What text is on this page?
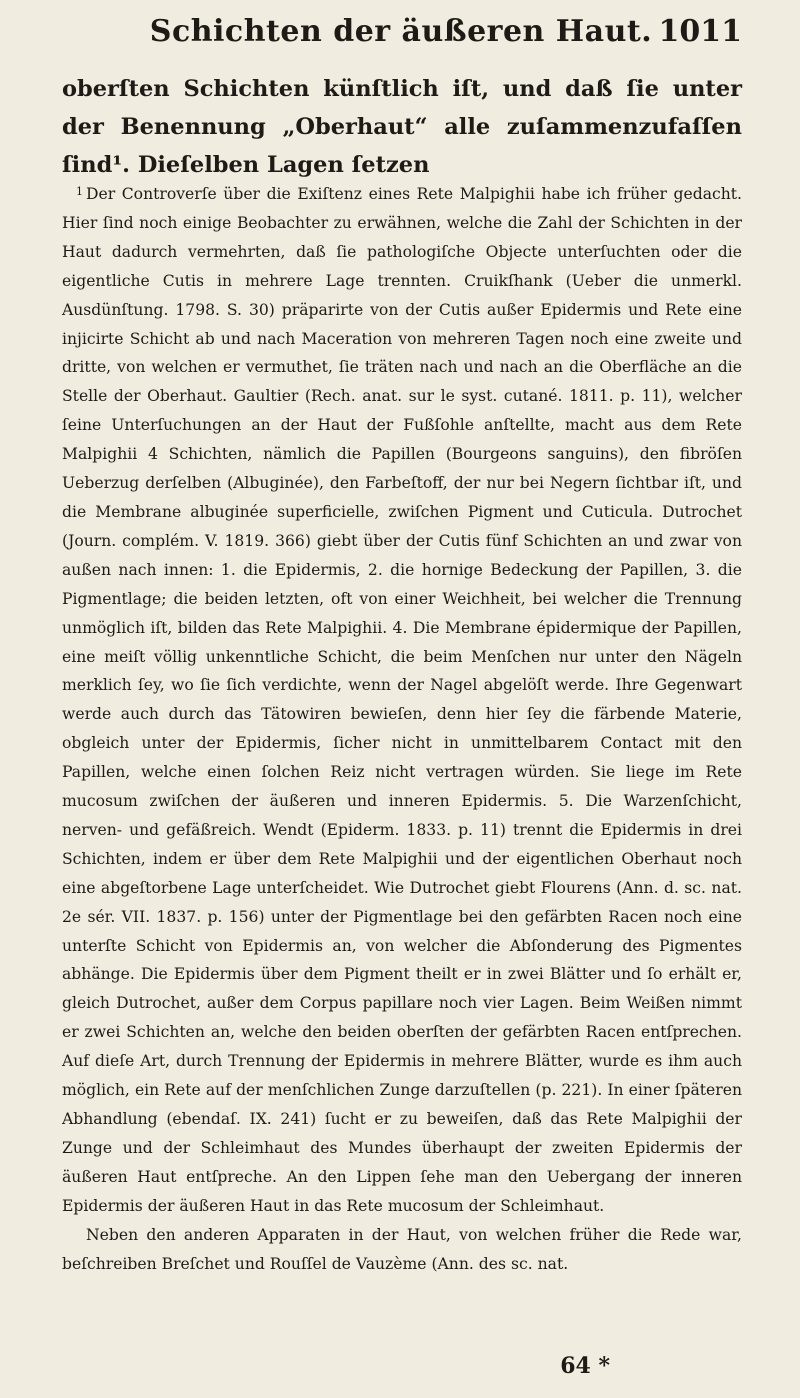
Schichten der äußeren Haut. 1011

oberſten Schichten künſtlich iſt, und daß ſie unter der Benennung „Oberhaut“ alle zuſammenzufaſſen ſind¹. Dieſelben Lagen ſetzen

$^1$ Der Controverſe über die Exiſtenz eines Rete Malpighii habe ich früher gedacht. Hier ſind noch einige Beobachter zu erwähnen, welche die Zahl der Schichten in der Haut dadurch vermehrten, daß ſie pathologiſche Objecte unterſuchten oder die eigentliche Cutis in mehrere Lage trennten. Cruikſhank (Ueber die unmerkl. Ausdünſtung. 1798. S. 30) präparirte von der Cutis außer Epidermis und Rete eine injicirte Schicht ab und nach Maceration von mehreren Tagen noch eine zweite und dritte, von welchen er vermuthet, ſie träten nach und nach an die Oberfläche an die Stelle der Oberhaut. Gaultier (Rech. anat. sur le syst. cutané. 1811. p. 11), welcher ſeine Unterſuchungen an der Haut der Fußſohle anſtellte, macht aus dem Rete Malpighii 4 Schichten, nämlich die Papillen (Bourgeons sanguins), den fibröſen Ueberzug derſelben (Albuginée), den Farbeſtoff, der nur bei Negern ſichtbar iſt, und die Membrane albuginée superficielle, zwiſchen Pigment und Cuticula. Dutrochet (Journ. complém. V. 1819. 366) giebt über der Cutis fünf Schichten an und zwar von außen nach innen: 1. die Epidermis, 2. die hornige Bedeckung der Papillen, 3. die Pigmentlage; die beiden letzten, oft von einer Weichheit, bei welcher die Trennung unmöglich iſt, bilden das Rete Malpighii. 4. Die Membrane épidermique der Papillen, eine meiſt völlig unkenntliche Schicht, die beim Menſchen nur unter den Nägeln merklich ſey, wo ſie ſich verdichte, wenn der Nagel abgelöſt werde. Ihre Gegenwart werde auch durch das Tätowiren bewieſen, denn hier ſey die färbende Materie, obgleich unter der Epidermis, ſicher nicht in unmittelbarem Contact mit den Papillen, welche einen ſolchen Reiz nicht vertragen würden. Sie liege im Rete mucosum zwiſchen der äußeren und inneren Epidermis. 5. Die Warzenſchicht, nerven- und gefäßreich. Wendt (Epiderm. 1833. p. 11) trennt die Epidermis in drei Schichten, indem er über dem Rete Malpighii und der eigentlichen Oberhaut noch eine abgeſtorbene Lage unterſcheidet. Wie Dutrochet giebt Flourens (Ann. d. sc. nat. 2e sér. VII. 1837. p. 156) unter der Pigmentlage bei den gefärbten Racen noch eine unterſte Schicht von Epidermis an, von welcher die Abſonderung des Pigmentes abhänge. Die Epidermis über dem Pigment theilt er in zwei Blätter und ſo erhält er, gleich Dutrochet, außer dem Corpus papillare noch vier Lagen. Beim Weißen nimmt er zwei Schichten an, welche den beiden oberſten der gefärbten Racen entſprechen. Auf dieſe Art, durch Trennung der Epidermis in mehrere Blätter, wurde es ihm auch möglich, ein Rete auf der menſchlichen Zunge darzuſtellen (p. 221). In einer ſpäteren Abhandlung (ebendaſ. IX. 241) ſucht er zu beweiſen, daß das Rete Malpighii der Zunge und der Schleimhaut des Mundes überhaupt der zweiten Epidermis der äußeren Haut entſpreche. An den Lippen ſehe man den Uebergang der inneren Epidermis der äußeren Haut in das Rete mucosum der Schleimhaut.
Neben den anderen Apparaten in der Haut, von welchen früher die Rede war, beſchreiben Breſchet und Rouſſel de Vauzème (Ann. des sc. nat.
64 *
